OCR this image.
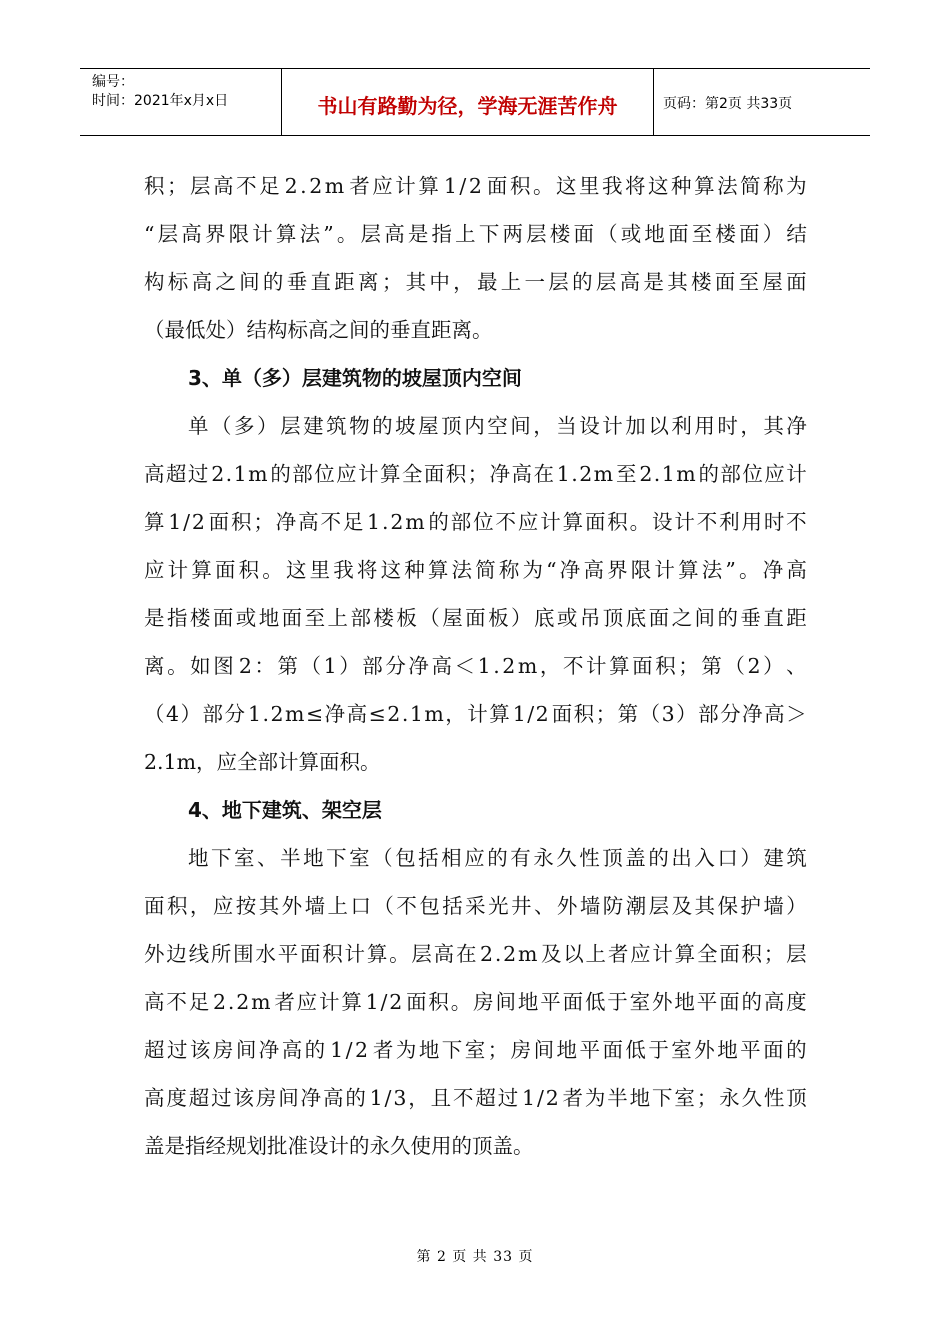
编号：
时间：2021年x月x日	书山有路勤为径，学海无涯苦作舟	页码：第2页 共33页
积 ； 层 高 不 足 2 . 2 m 者 应 计 算 1 / 2 面 积 。 这 里 我 将 这 种 算 法 简 称 为
“ 层 高 界 限 计 算 法 ” 。 层 高 是 指 上 下 两 层 楼 面 （ 或 地 面 至 楼 面 ） 结
构 标 高 之 间 的 垂 直 距 离 ； 其 中 ， 最 上 一 层 的 层 高 是 其 楼 面 至 屋 面
（最低处）结构标高之间的垂直距离。
3、单（多）层建筑物的坡屋顶内空间
单 （ 多 ） 层 建 筑 物 的 坡 屋 顶 内 空 间 ， 当 设 计 加 以 利 用 时 ， 其 净
高 超 过 2 . 1 m 的 部 位 应 计 算 全 面 积 ； 净 高 在 1 . 2 m 至 2 . 1 m 的 部 位 应 计
算 1 / 2 面 积 ； 净 高 不 足 1 . 2 m 的 部 位 不 应 计 算 面 积 。 设 计 不 利 用 时 不
应 计 算 面 积 。 这 里 我 将 这 种 算 法 简 称 为 “ 净 高 界 限 计 算 法 ” 。 净 高
是 指 楼 面 或 地 面 至 上 部 楼 板 （ 屋 面 板 ） 底 或 吊 顶 底 面 之 间 的 垂 直 距
离 。 如 图 2 ： 第 （ 1 ） 部 分 净 高 ＜ 1 . 2 m ， 不 计 算 面 积 ； 第 （ 2 ） 、
（ 4 ） 部 分 1 . 2 m ≤ 净 高 ≤ 2 . 1 m ， 计 算 1 / 2 面 积 ； 第 （ 3 ） 部 分 净 高 ＞
2.1m，应全部计算面积。
4、地下建筑、架空层
地 下 室 、 半 地 下 室 （ 包 括 相 应 的 有 永 久 性 顶 盖 的 出 入 口 ） 建 筑
面 积 ， 应 按 其 外 墙 上 口 （ 不 包 括 采 光 井 、 外 墙 防 潮 层 及 其 保 护 墙 ）
外 边 线 所 围 水 平 面 积 计 算 。 层 高 在 2 . 2 m 及 以 上 者 应 计 算 全 面 积 ； 层
高 不 足 2 . 2 m 者 应 计 算 1 / 2 面 积 。 房 间 地 平 面 低 于 室 外 地 平 面 的 高 度
超 过 该 房 间 净 高 的 1 / 2 者 为 地 下 室 ； 房 间 地 平 面 低 于 室 外 地 平 面 的
高 度 超 过 该 房 间 净 高 的 1 / 3 ， 且 不 超 过 1 / 2 者 为 半 地 下 室 ； 永 久 性 顶
盖是指经规划批准设计的永久使用的顶盖。
第 2 页 共 33 页
